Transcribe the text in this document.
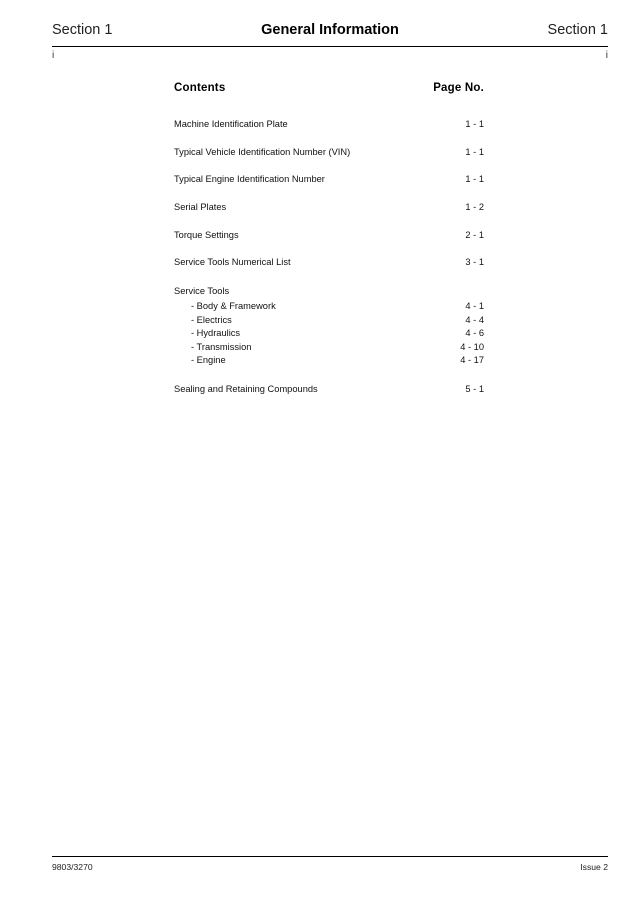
Section 1	General Information	Section 1
i	i
Contents	Page No.
Machine Identification Plate	1 - 1
Typical Vehicle Identification Number (VIN)	1 - 1
Typical Engine Identification Number	1 - 1
Serial Plates	1 - 2
Torque Settings	2 - 1
Service Tools Numerical List	3 - 1
Service Tools
- Body & Framework	4 - 1
- Electrics	4 - 4
- Hydraulics	4 - 6
- Transmission	4 - 10
- Engine	4 - 17
Sealing and Retaining Compounds	5 - 1
9803/3270	Issue 2
